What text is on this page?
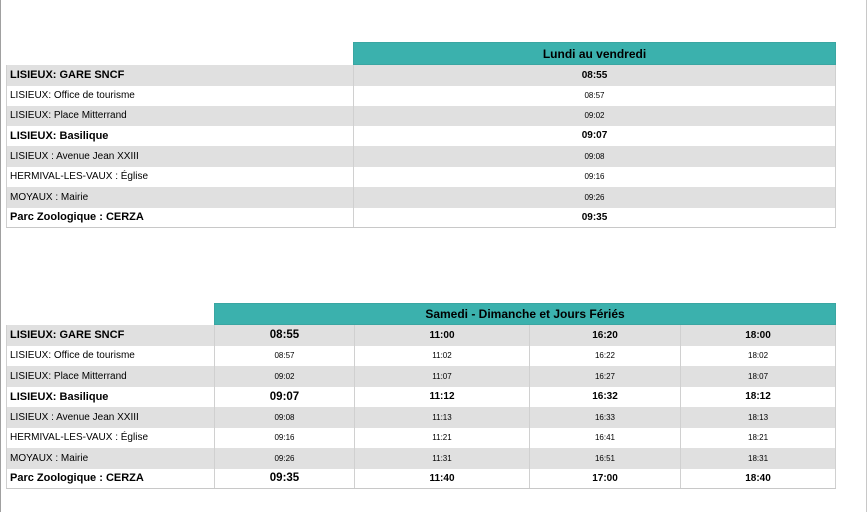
	Lundi au vendredi
LISIEUX: GARE SNCF	08:55
LISIEUX: Office de tourisme	08:57
LISIEUX: Place Mitterrand	09:02
LISIEUX: Basilique	09:07
LISIEUX : Avenue Jean XXIII	09:08
HERMIVAL-LES-VAUX : Église	09:16
MOYAUX : Mairie	09:26
Parc Zoologique : CERZA	09:35
	Samedi - Dimanche et Jours Fériés			
LISIEUX: GARE SNCF	08:55	11:00	16:20	18:00
LISIEUX: Office de tourisme	08:57	11:02	16:22	18:02
LISIEUX: Place Mitterrand	09:02	11:07	16:27	18:07
LISIEUX: Basilique	09:07	11:12	16:32	18:12
LISIEUX : Avenue Jean XXIII	09:08	11:13	16:33	18:13
HERMIVAL-LES-VAUX : Église	09:16	11:21	16:41	18:21
MOYAUX : Mairie	09:26	11:31	16:51	18:31
Parc Zoologique : CERZA	09:35	11:40	17:00	18:40
